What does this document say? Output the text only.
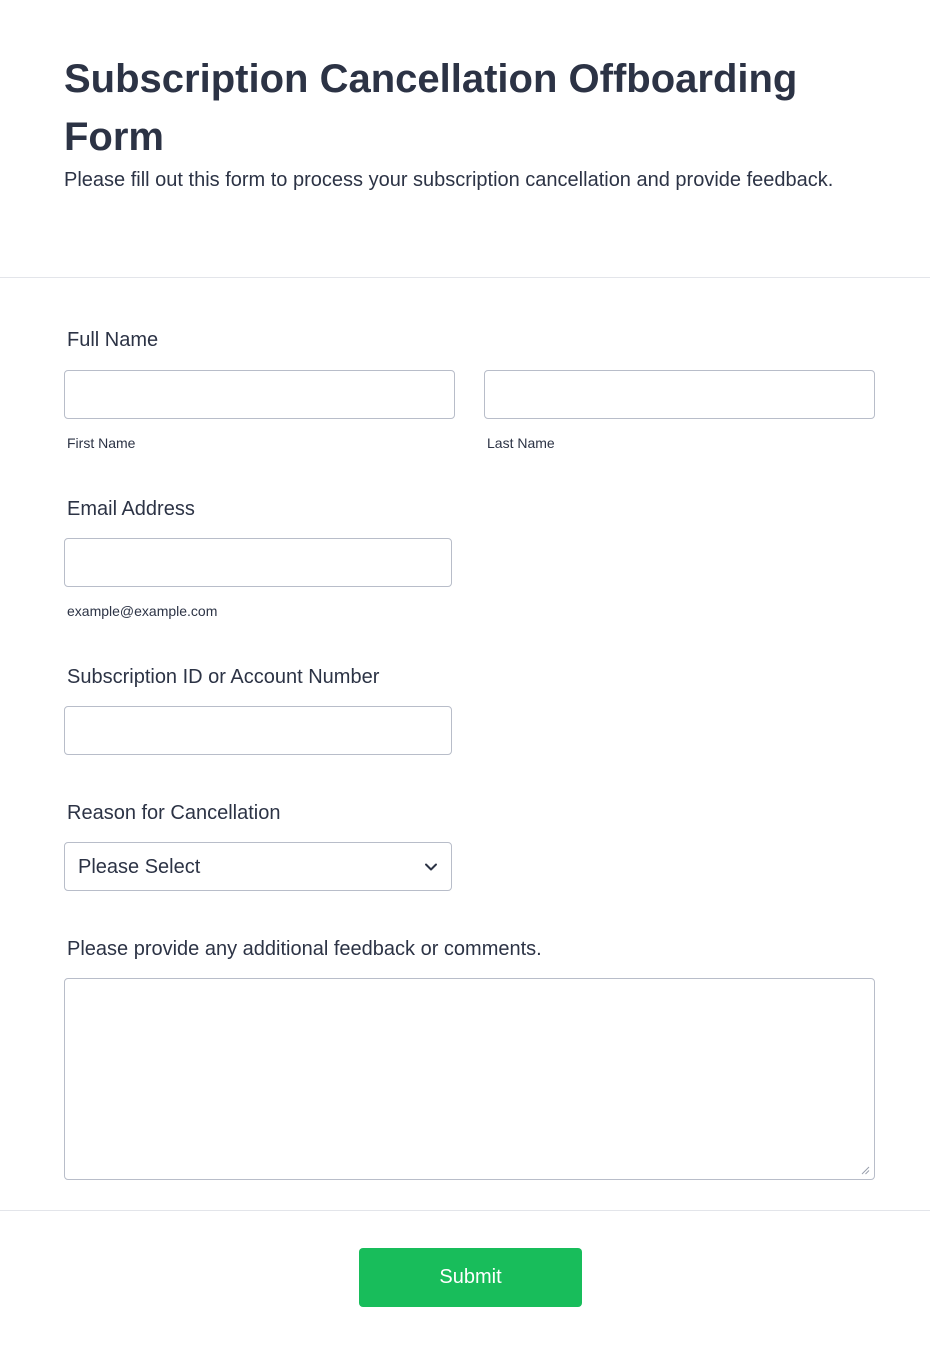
Subscription Cancellation Offboarding Form
Please fill out this form to process your subscription cancellation and provide feedback.
Full Name
First Name	Last Name
Email Address
example@example.com
Subscription ID or Account Number
Reason for Cancellation
Please Select
Please provide any additional feedback or comments.
Submit
